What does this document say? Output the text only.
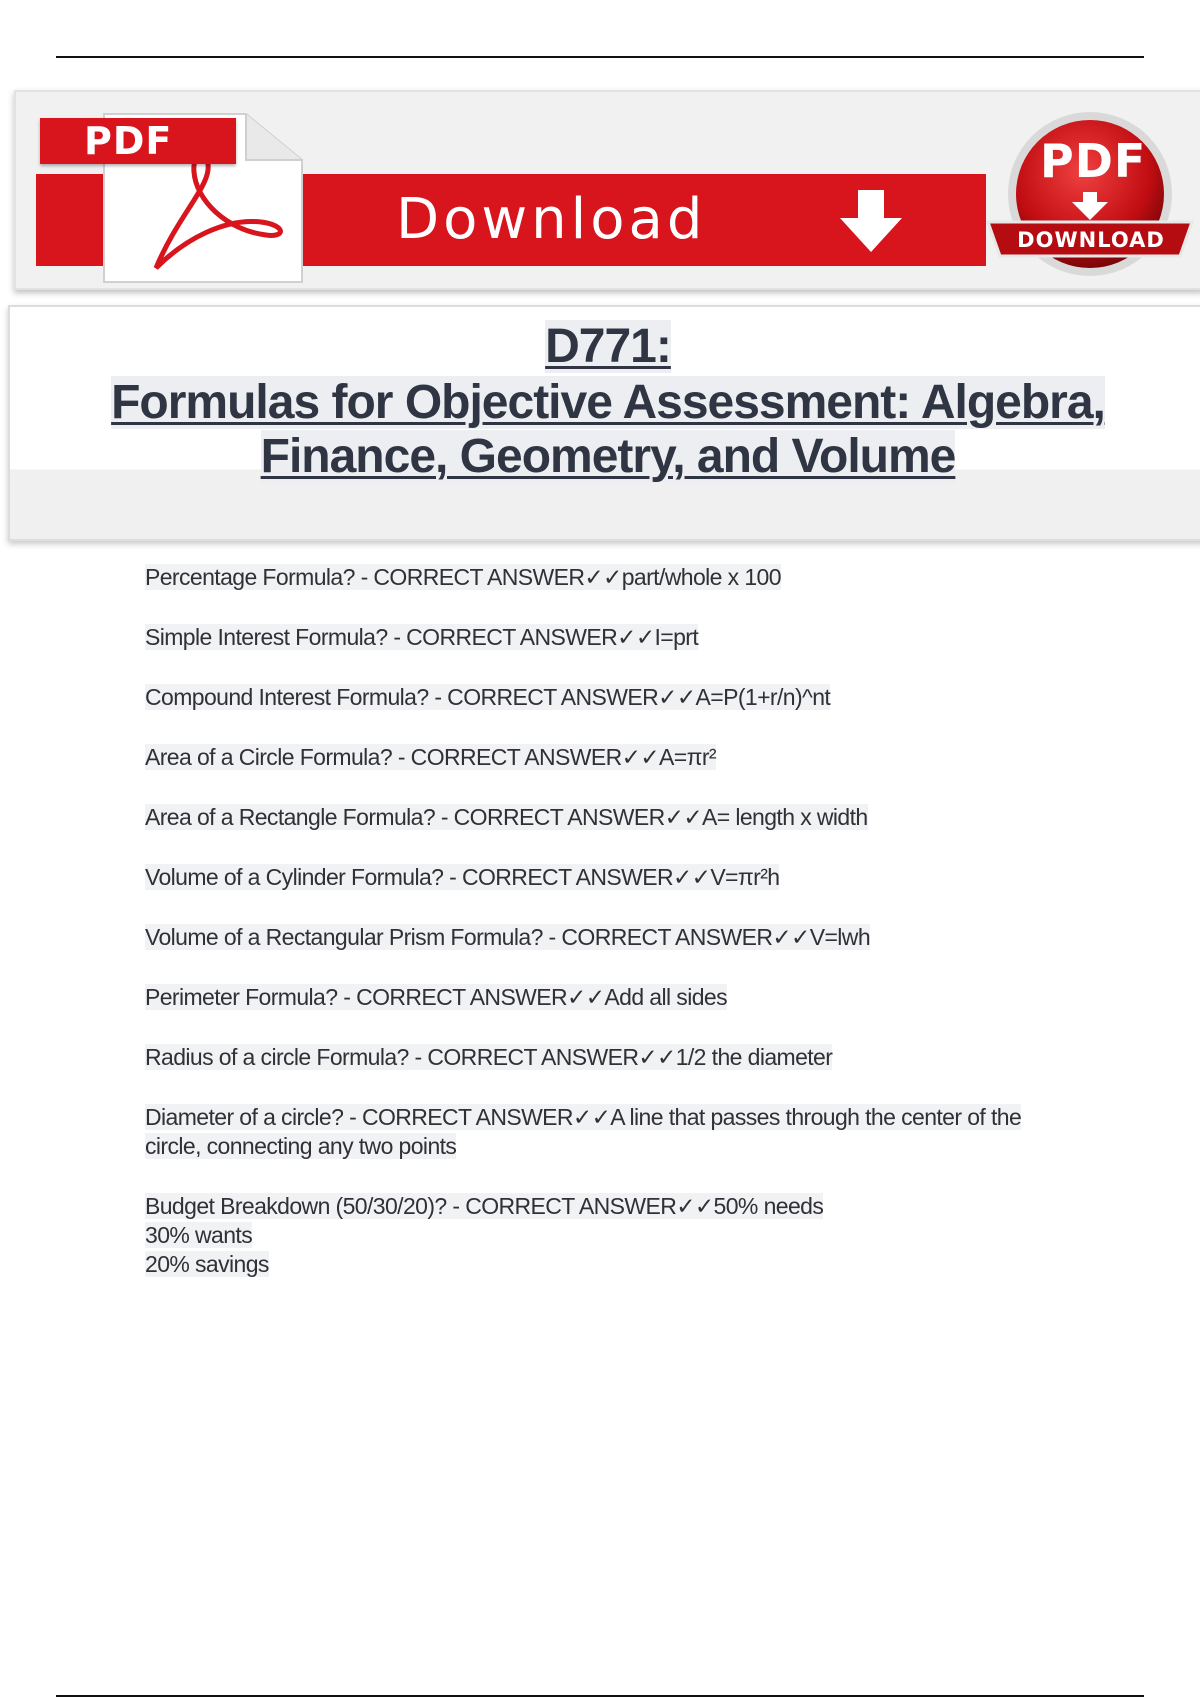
Download
PDF	PDF
DOWNLOAD
D771:
Formulas for Objective Assessment: Algebra,
Finance, Geometry, and Volume
Percentage Formula? - CORRECT ANSWER✓✓part/whole x 100
Simple Interest Formula? - CORRECT ANSWER✓✓I=prt
Compound Interest Formula? - CORRECT ANSWER✓✓A=P(1+r/n)^nt
Area of a Circle Formula? - CORRECT ANSWER✓✓A=πr²
Area of a Rectangle Formula? - CORRECT ANSWER✓✓A= length x width
Volume of a Cylinder Formula? - CORRECT ANSWER✓✓V=πr²h
Volume of a Rectangular Prism Formula? - CORRECT ANSWER✓✓V=lwh
Perimeter Formula? - CORRECT ANSWER✓✓Add all sides
Radius of a circle Formula? - CORRECT ANSWER✓✓1/2 the diameter
Diameter of a circle? - CORRECT ANSWER✓✓A line that passes through the center of the
circle, connecting any two points
Budget Breakdown (50/30/20)? - CORRECT ANSWER✓✓50% needs
30% wants
20% savings
